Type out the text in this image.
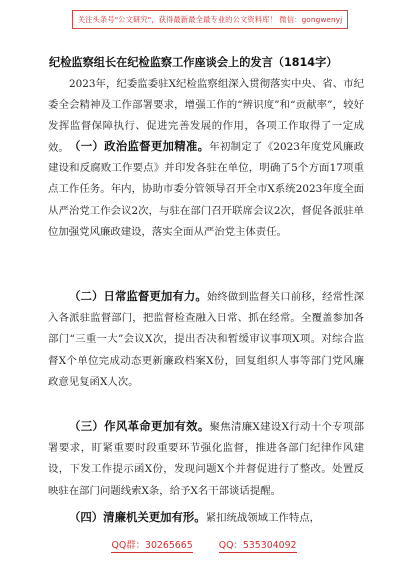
关注头条号"公文研究"，获得最新最全最专业的公文资料库！ 微信：gongwenyj
纪检监察组长在纪检监察工作座谈会上的发言（1814字）
2023年，纪委监委驻X纪检监察组深入贯彻落实中央、省、市纪委全会精神及工作部署要求，增强工作的“辨识度”和“贡献率”，较好发挥监督保障执行、促进完善发展的作用，各项工作取得了一定成效。 （一）政治监督更加精准。年初制定了《2023年度党风廉政建设和反腐败工作要点》并印发各驻在单位，明确了5个方面17项重点工作任务。年内，协助市委分管领导召开全市X系统2023年度全面从严治党工作会议2次，与驻在部门召开联席会议2次，督促各派驻单位加强党风廉政建设，落实全面从严治党主体责任。
（二）日常监督更加有力。始终做到监督关口前移，经常性深入各派驻监督部门，把监督检查融入日常、抓在经常。全覆盖参加各部门“三重一大”会议X次，提出否决和暂缓审议事项X项。对综合监督X个单位完成动态更新廉政档案X份，回复组织人事等部门党风廉政意见复函X人次。
（三）作风革命更加有效。聚焦清廉X建设X行动十个专项部署要求，盯紧重要时段重要环节强化监督，推进各部门纪律作风建设，下发工作提示函X份，发现问题X个并督促进行了整改。处置反映驻在部门问题线索X条，给予X名干部谈话提醒。
（四）清廉机关更加有形。紧扣统战领域工作特点，
QQ群：30265665	QQ：535304092
